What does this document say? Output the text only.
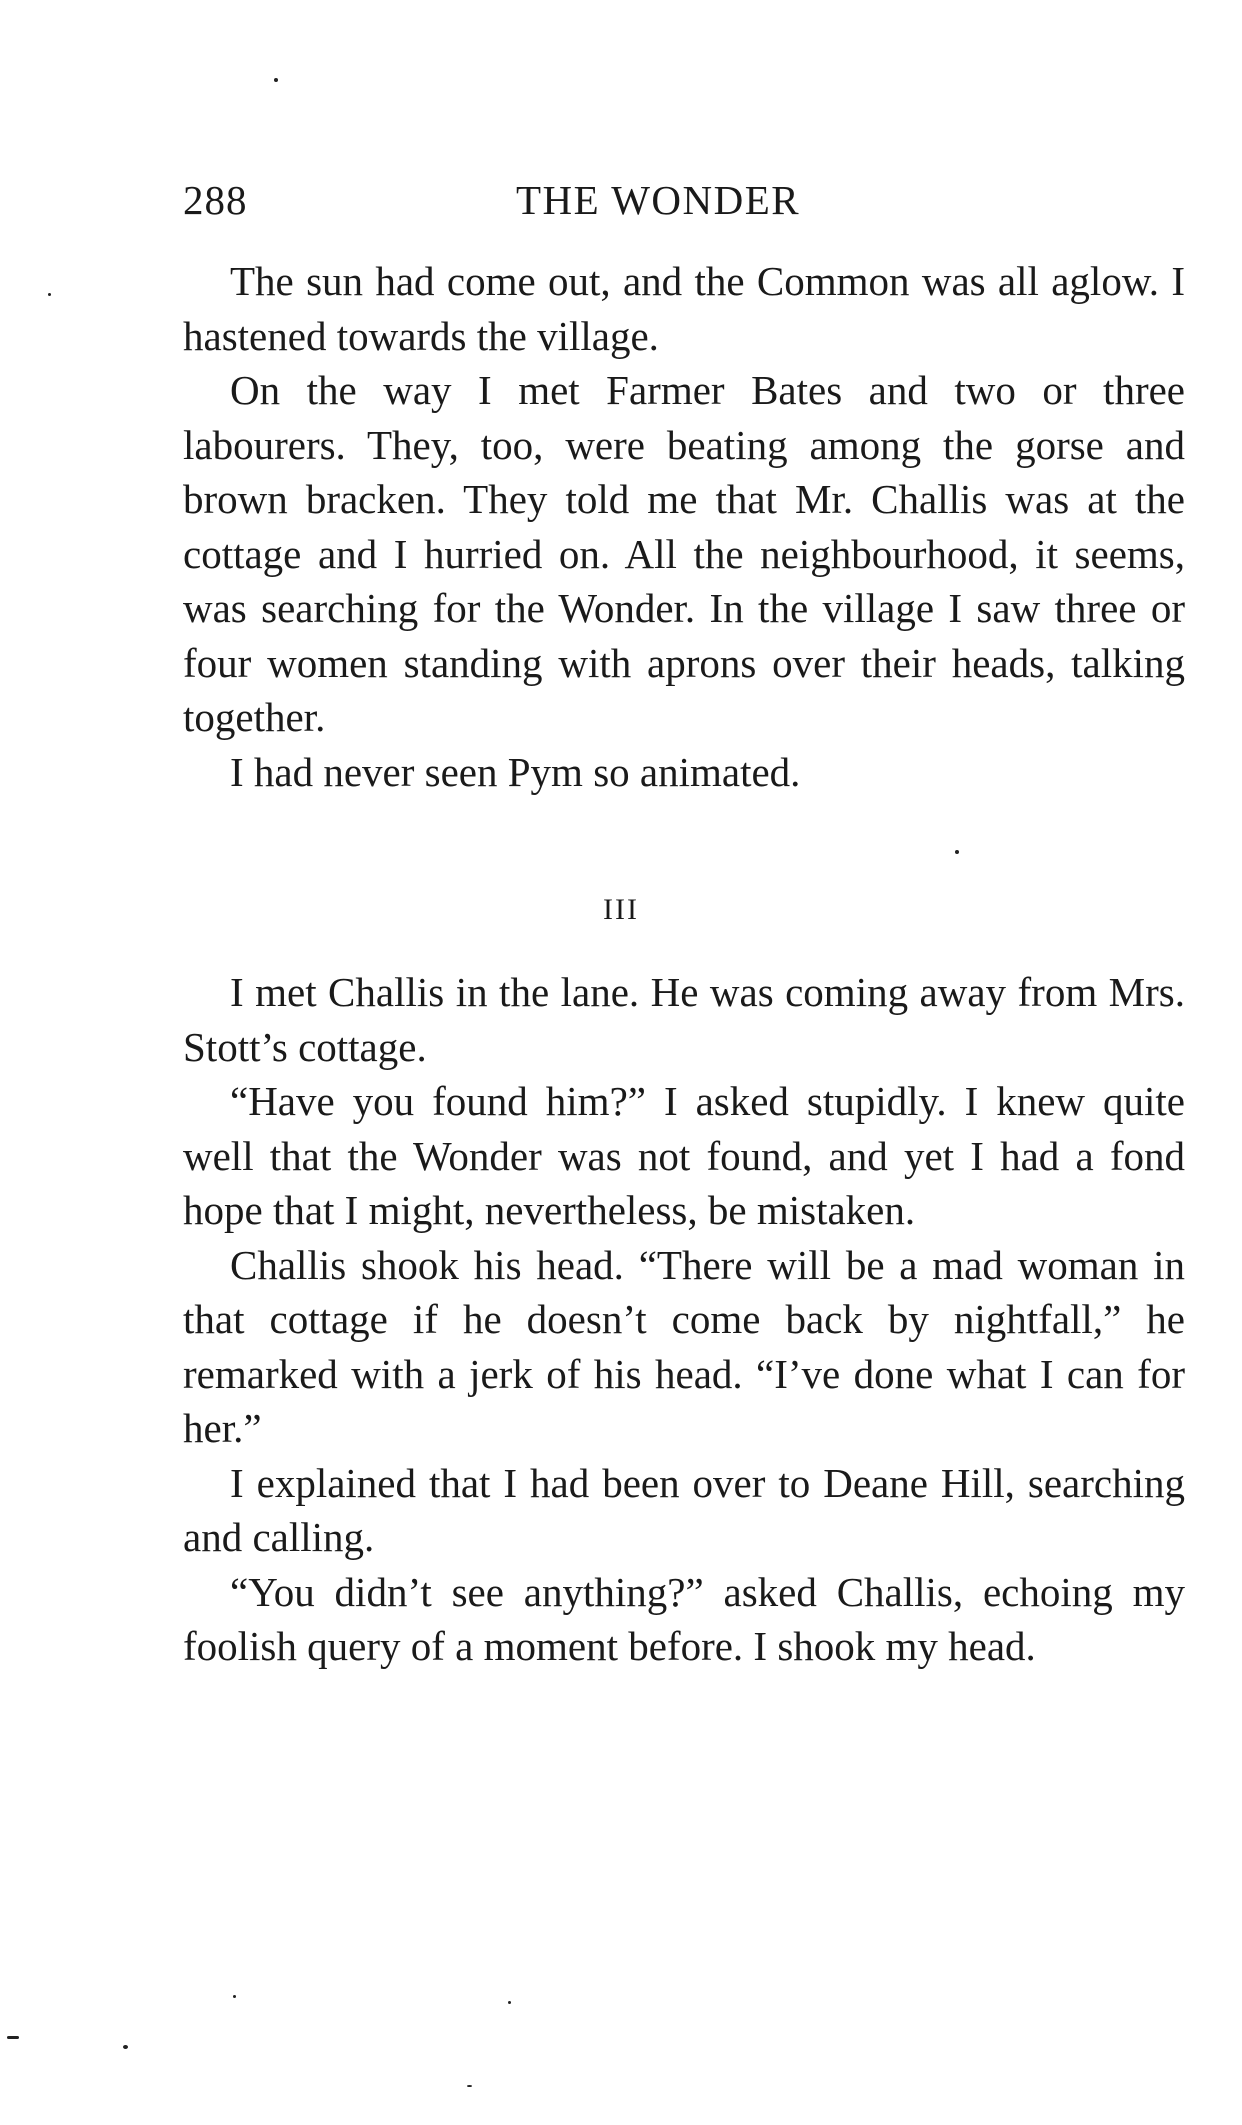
288	THE WONDER

The sun had come out, and the Common was all aglow. I hastened towards the village.

On the way I met Farmer Bates and two or three labourers. They, too, were beating among the gorse and brown bracken. They told me that Mr. Challis was at the cottage and I hurried on. All the neighbourhood, it seems, was searching for the Wonder. In the village I saw three or four women standing with aprons over their heads, talking together.

I had never seen Pym so animated.

III

I met Challis in the lane. He was coming away from Mrs. Stott’s cottage.

“Have you found him?” I asked stupidly. I knew quite well that the Wonder was not found, and yet I had a fond hope that I might, nevertheless, be mistaken.

Challis shook his head. “There will be a mad woman in that cottage if he doesn’t come back by nightfall,” he remarked with a jerk of his head. “I’ve done what I can for her.”

I explained that I had been over to Deane Hill, searching and calling.

“You didn’t see anything?” asked Challis, echoing my foolish query of a moment before. I shook my head.
